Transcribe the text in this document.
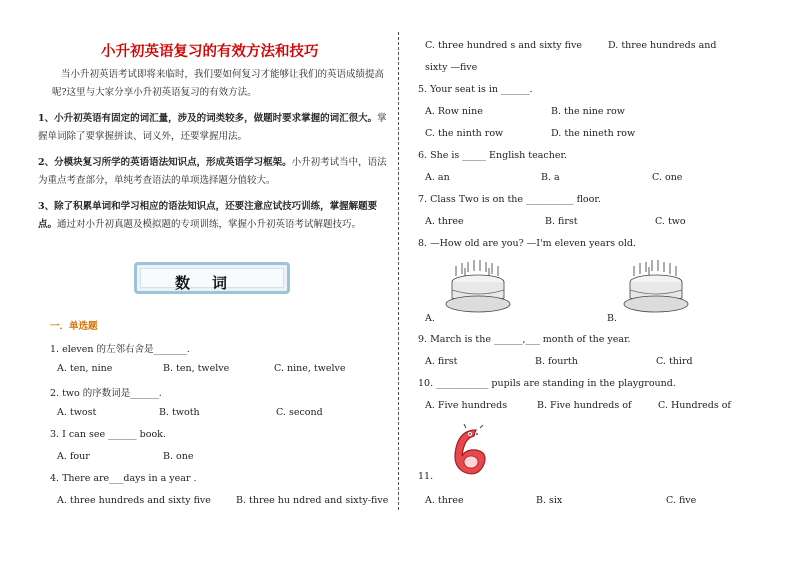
小升初英语复习的有效方法和技巧
当小升初英语考试即将来临时，我们要如何复习才能够让我们的英语成绩提高呢?这里与大家分享小升初英语复习的有效方法。
1、小升初英语有固定的词汇量，涉及的词类较多，做题时要求掌握的词汇很大。掌握单词除了要掌握拼读、词义外，还要掌握用法。
2、分模块复习所学的英语语法知识点，形成英语学习框架。小升初考试当中，语法为重点考查部分，单纯考查语法的单项选择题分值较大。
3、除了积累单词和学习相应的语法知识点，还要注意应试技巧训练，掌握解题要点。通过对小升初真题及模拟题的专项训练，掌握小升初英语考试解题技巧。
数词
一．单选题
1. eleven 的左邻右舍是_______.
A. ten, nine	B. ten, twelve	C. nine, twelve
2. two 的序数词是______.
A. twost	B. twoth	C. second
3. I can see ______ book.
A. four	B. one
4. There are___days in a year .
A. three hundreds and sixty five	B. three hu ndred and sixty-five
C. three hundred s and sixty five	D. three hundreds and
sixty —five
5. Your seat is in ______.
A. Row nine	B. the nine row
C. the ninth row	D. the nineth row
6. She is _____ English teacher.
A. an	B. a	C. one
7. Class Two is on the __________ floor.
A. three	B. first	C. two
8. —How old are you? —I'm eleven years old.
A.	B.
9. March is the ______,___ month of the year.
A. first	B. fourth	C. third
10. ___________ pupils are standing in the playground.
A. Five hundreds	B. Five hundreds of	C. Hundreds of
11.
A. three	B. six	C. five
